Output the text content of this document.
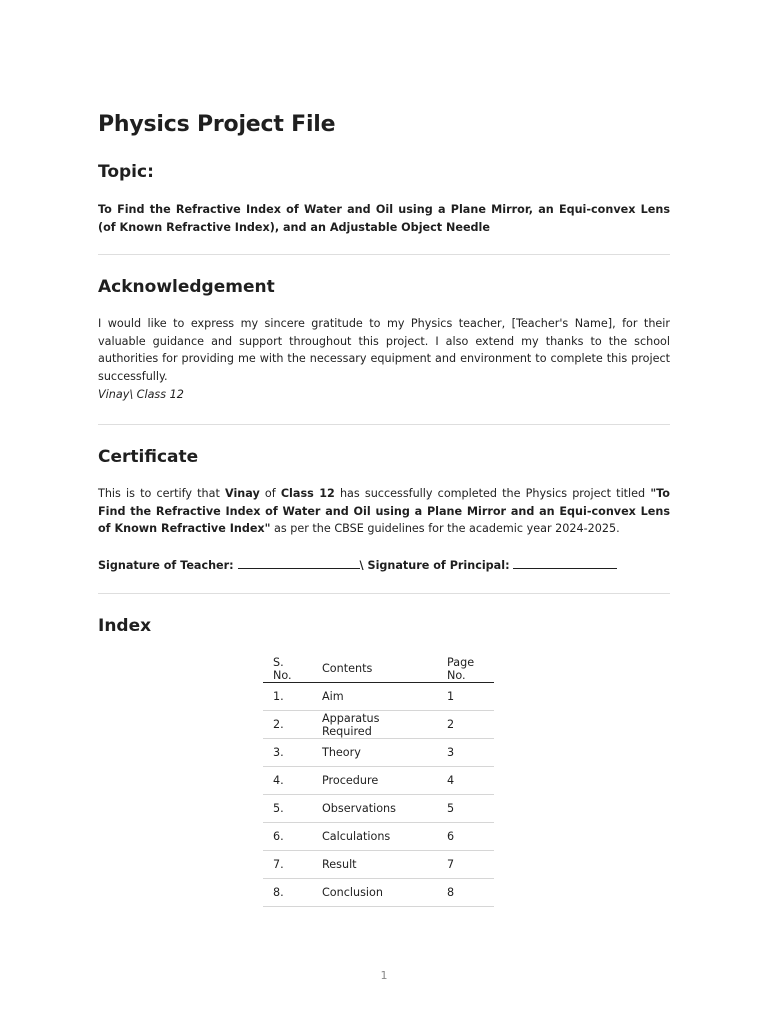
Physics Project File
Topic:

To Find the Refractive Index of Water and Oil using a Plane Mirror, an Equi-convex Lens (of Known Refractive Index), and an Adjustable Object Needle

Acknowledgement

I would like to express my sincere gratitude to my Physics teacher, [Teacher's Name], for their valuable guidance and support throughout this project. I also extend my thanks to the school authorities for providing me with the necessary equipment and environment to complete this project successfully.

Vinay\ Class 12

Certificate

This is to certify that Vinay of Class 12 has successfully completed the Physics project titled "To Find the Refractive Index of Water and Oil using a Plane Mirror and an Equi-convex Lens of Known Refractive Index" as per the CBSE guidelines for the academic year 2024-2025.

Signature of Teacher:	\ Signature of Principal:

Index
S. No.	Contents	Page No.
1.	Aim	1
2.	Apparatus Required	2
3.	Theory	3
4.	Procedure	4
5.	Observations	5
6.	Calculations	6
7.	Result	7
8.	Conclusion	8
1
